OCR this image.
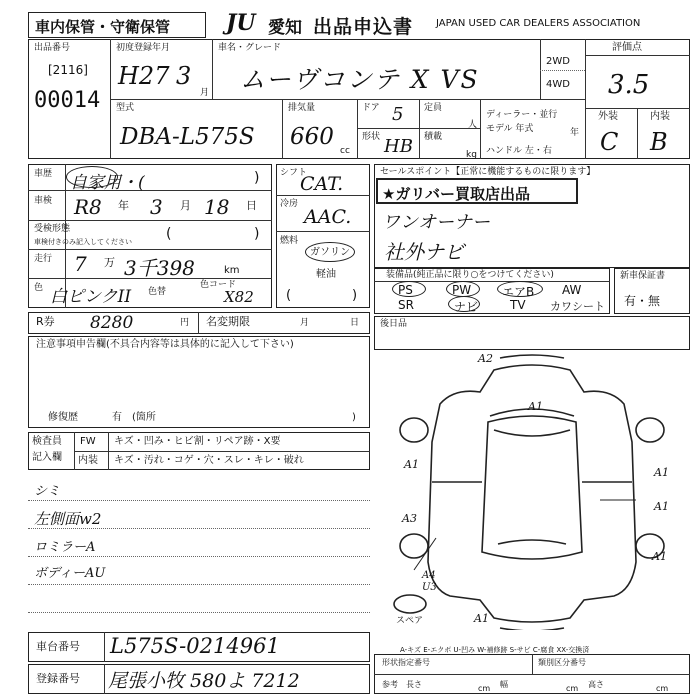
車内保管・守衛保管	JU 愛知 出品申込書 JAPAN USED CAR DEALERS ASSOCIATION
出品番号
[2116]
00014
初度登録年月
H27 3
月
車名・グレード
ムーヴコンテ X VS
2WD
4WD
評価点
3.5
外装	内装
C B
型式
DBA-L575S
排気量
660
cc
ドア 5
形状 HB
定員
人
積載
kg
ディーラー・並行
モデル 年式	年
ハンドル 左・右
車歴 自家用・(	)
車検 R8 年 3 月 18 日
受検形態
車検付きのみ記入してください (	)
走行 7 万 3千398	km
色 白ピンクII 色替
色コード
X82
シフト
CAT.
冷房
AAC.
燃料
ガソリン
軽油
(	)
セールスポイント【正常に機能するものに限ります】
★ガリバー買取店出品
ワンオーナー
社外ナビ
装備品(純正品に限り○をつけてください)
PS	PW	エアB AW
SR	ナビ	TV カワシート
新車保証書
有・無
R券 8280	円 名変期限	月	日
注意事項申告欄(不具合内容等は具体的に記入して下さい)
修復歴	有 (箇所	)
検査員
記入欄
FW キズ・凹み・ヒビ割・リペア跡・X要
内装 キズ・汚れ・コゲ・穴・スレ・キレ・破れ
シミ
左側面w2
ロミラーA
ボディーAU
後日品
A2
A1
A1
A1
A3
A1
A1
A4
U3
A1
スペア
A-キズ E-エクボ U-凹み W-補修跡 S-サビ C-腐食 XX-交換済
車台番号 L575S-0214961
登録番号 尾張小牧 580よ 7212
形状指定番号	類別区分番号
参考 長さ	cm 幅	cm 高さ	cm
